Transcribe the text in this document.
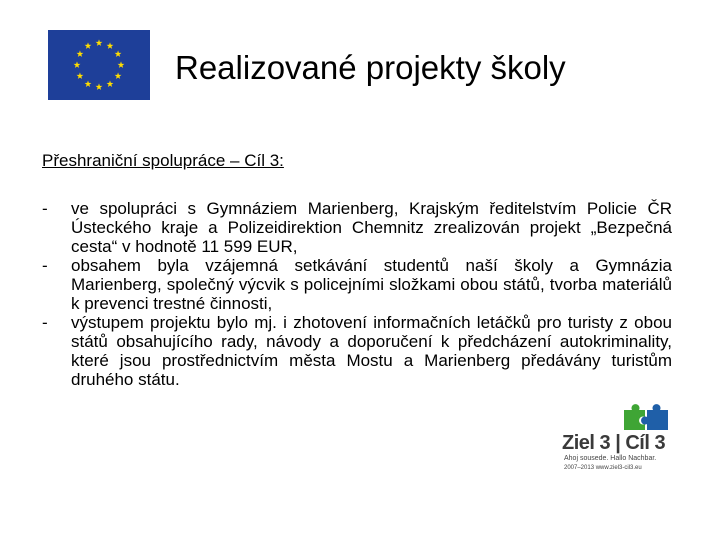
Realizované projekty školy
Přeshraniční spolupráce – Cíl 3:
- ve spolupráci s Gymnáziem Marienberg, Krajským ředitelstvím Policie ČR Ústeckého kraje a Polizeidirektion Chemnitz zrealizován projekt „Bezpečná cesta“ v hodnotě 11 599 EUR,
- obsahem byla vzájemná setkávání studentů naší školy a Gymnázia Marienberg, společný výcvik s policejními složkami obou států, tvorba materiálů k prevenci trestné činnosti,
- výstupem projektu bylo mj. i zhotovení informačních letáčků pro turisty z obou států obsahujícího rady, návody a doporučení k předcházení autokriminality, které jsou prostřednictvím města Mostu a Marienberg předávány turistům druhého státu.
Ziel 3 | Cíl 3
Ahoj sousede. Hallo Nachbar.
2007–2013 www.ziel3-cil3.eu
